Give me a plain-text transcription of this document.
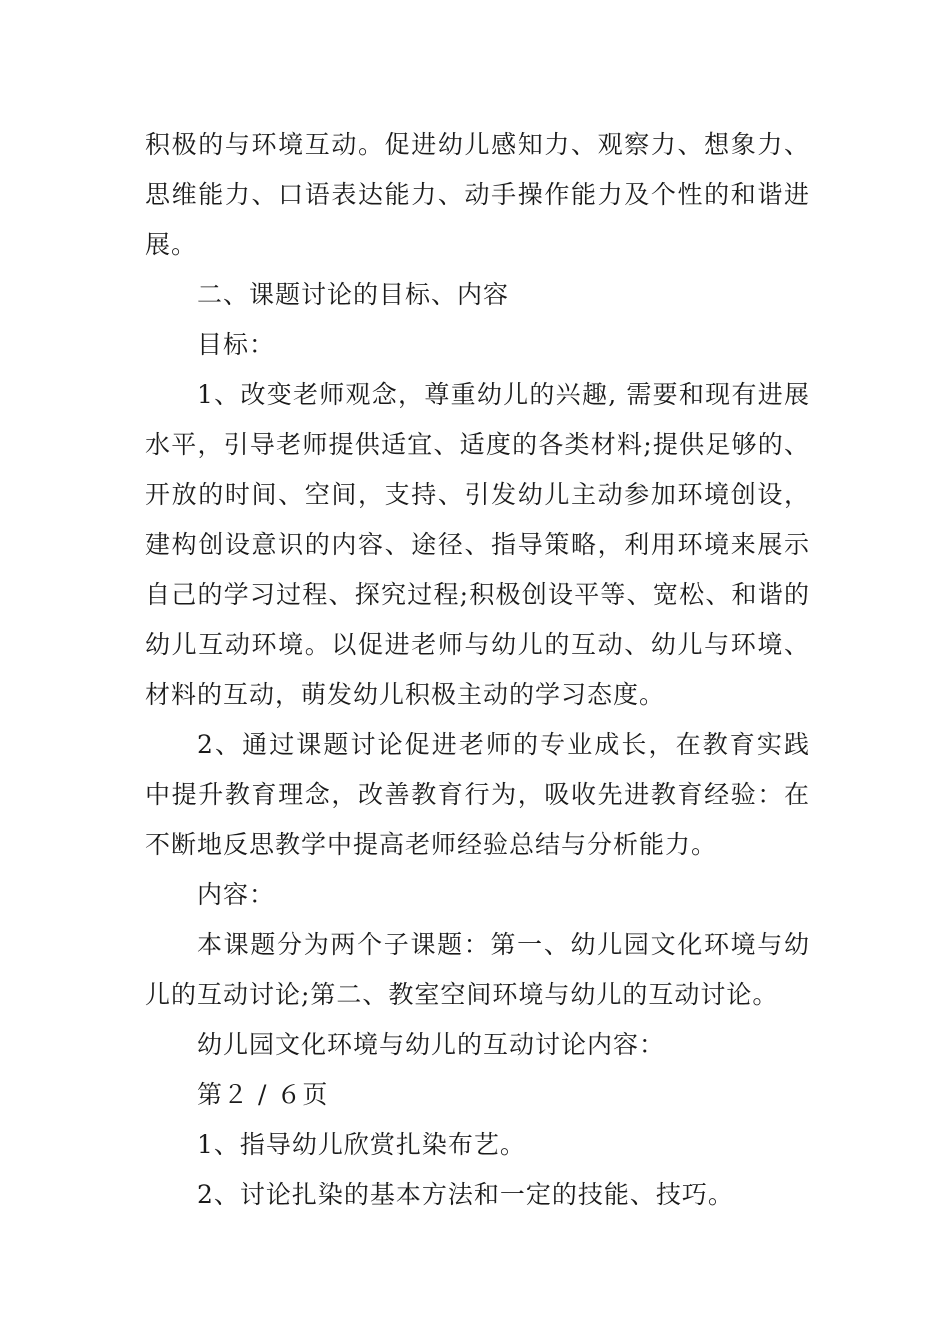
积极的与环境互动。促进幼儿感知力、观察力、想象力、思维能力、口语表达能力、动手操作能力及个性的和谐进展。

二、课题讨论的目标、内容

目标：

1、改变老师观念，尊重幼儿的兴趣, 需要和现有进展水平，引导老师提供适宜、适度的各类材料;提供足够的、开放的时间、空间，支持、引发幼儿主动参加环境创设，建构创设意识的内容、途径、指导策略，利用环境来展示自己的学习过程、探究过程;积极创设平等、宽松、和谐的幼儿互动环境。以促进老师与幼儿的互动、幼儿与环境、材料的互动，萌发幼儿积极主动的学习态度。

2、通过课题讨论促进老师的专业成长，在教育实践中提升教育理念，改善教育行为，吸收先进教育经验：在不断地反思教学中提高老师经验总结与分析能力。

内容：

本课题分为两个子课题：第一、幼儿园文化环境与幼儿的互动讨论;第二、教室空间环境与幼儿的互动讨论。

幼儿园文化环境与幼儿的互动讨论内容：

第２ / ６页

1、指导幼儿欣赏扎染布艺。

2、讨论扎染的基本方法和一定的技能、技巧。
